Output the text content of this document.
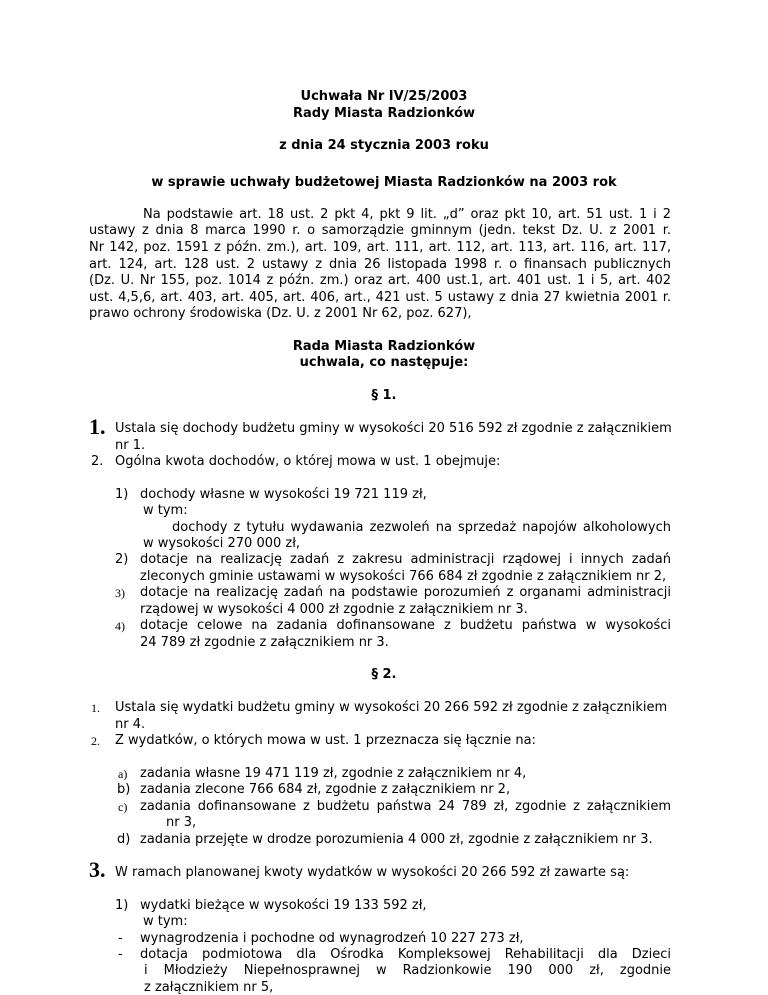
Uchwała Nr IV/25/2003
Rady Miasta Radzionków
z dnia 24 stycznia 2003 roku
w sprawie uchwały budżetowej Miasta Radzionków na 2003 rok
Na podstawie art. 18 ust. 2 pkt 4, pkt 9 lit. „d” oraz pkt 10, art. 51 ust. 1 i 2
ustawy z dnia 8 marca 1990 r. o samorządzie gminnym (jedn. tekst Dz. U. z 2001 r.
Nr 142, poz. 1591 z późn. zm.), art. 109, art. 111, art. 112, art. 113, art. 116, art. 117,
art. 124, art. 128 ust. 2 ustawy z dnia 26 listopada 1998 r. o finansach publicznych
(Dz. U. Nr 155, poz. 1014 z późn. zm.) oraz art. 400 ust.1, art. 401 ust. 1 i 5, art. 402
ust. 4,5,6, art. 403, art. 405, art. 406, art., 421 ust. 5 ustawy z dnia 27 kwietnia 2001 r.
prawo ochrony środowiska (Dz. U. z 2001 Nr 62, poz. 627),
Rada Miasta Radzionków
uchwala, co następuje:
§ 1.
1. Ustala się dochody budżetu gminy w wysokości 20 516 592 zł zgodnie z załącznikiem
nr 1.
2. Ogólna kwota dochodów, o której mowa w ust. 1 obejmuje:
1) dochody własne w wysokości 19 721 119 zł,
w tym:
dochody z tytułu wydawania zezwoleń na sprzedaż napojów alkoholowych
w wysokości 270 000 zł,
2) dotacje na realizację zadań z zakresu administracji rządowej i innych zadań
zleconych gminie ustawami w wysokości 766 684 zł zgodnie z załącznikiem nr 2,
3) dotacje na realizację zadań na podstawie porozumień z organami administracji
rządowej w wysokości 4 000 zł zgodnie z załącznikiem nr 3.
4) dotacje celowe na zadania dofinansowane z budżetu państwa w wysokości
24 789 zł zgodnie z załącznikiem nr 3.
§ 2.
1. Ustala się wydatki budżetu gminy w wysokości 20 266 592 zł zgodnie z załącznikiem
nr 4.
2. Z wydatków, o których mowa w ust. 1 przeznacza się łącznie na:
a) zadania własne 19 471 119 zł, zgodnie z załącznikiem nr 4,
b) zadania zlecone 766 684 zł, zgodnie z załącznikiem nr 2,
c) zadania dofinansowane z budżetu państwa 24 789 zł, zgodnie z załącznikiem
nr 3,
d) zadania przejęte w drodze porozumienia 4 000 zł, zgodnie z załącznikiem nr 3.
3. W ramach planowanej kwoty wydatków w wysokości 20 266 592 zł zawarte są:
1) wydatki bieżące w wysokości 19 133 592 zł,
w tym:
- wynagrodzenia i pochodne od wynagrodzeń 10 227 273 zł,
- dotacja podmiotowa dla Ośrodka Kompleksowej Rehabilitacji dla Dzieci
i Młodzieży Niepełnosprawnej w Radzionkowie 190 000 zł, zgodnie
z załącznikiem nr 5,
